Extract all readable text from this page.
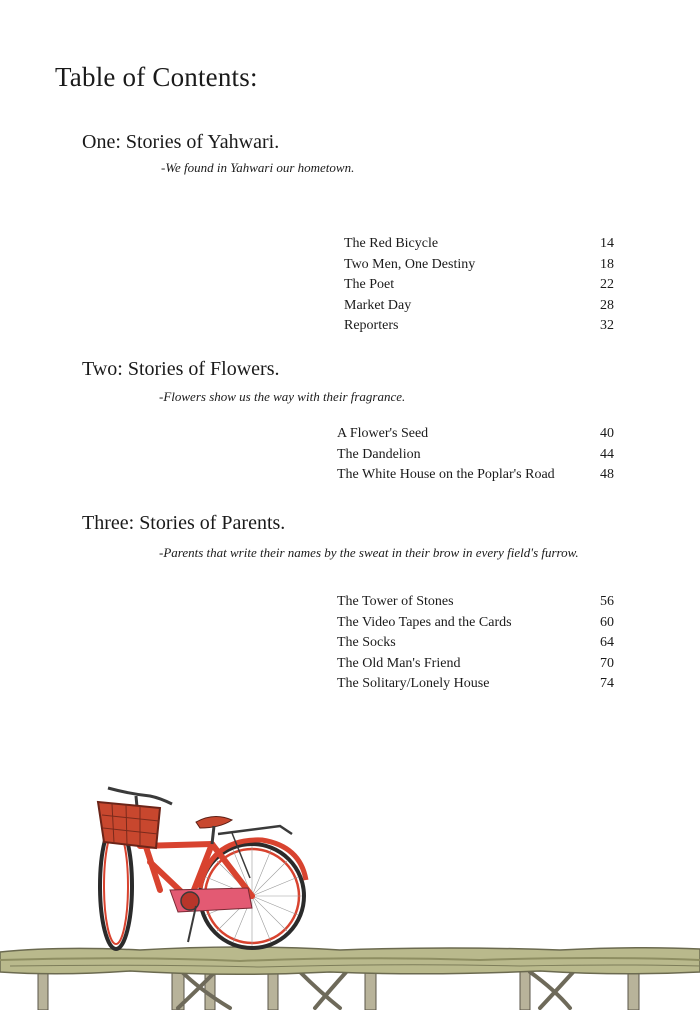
Table of Contents:
One: Stories of Yahwari.
-We found in Yahwari our hometown.
The Red Bicycle	14
Two Men, One Destiny	18
The Poet	22
Market Day	28
Reporters	32
Two: Stories of Flowers.
-Flowers show us the way with their fragrance.
A Flower's Seed	40
The Dandelion	44
The White House on the Poplar's Road	48
Three: Stories of Parents.
-Parents that write their names by the sweat in their brow in every field's furrow.
The Tower of Stones	56
The Video Tapes and the Cards	60
The Socks	64
The Old Man's Friend	70
The Solitary/Lonely House	74
